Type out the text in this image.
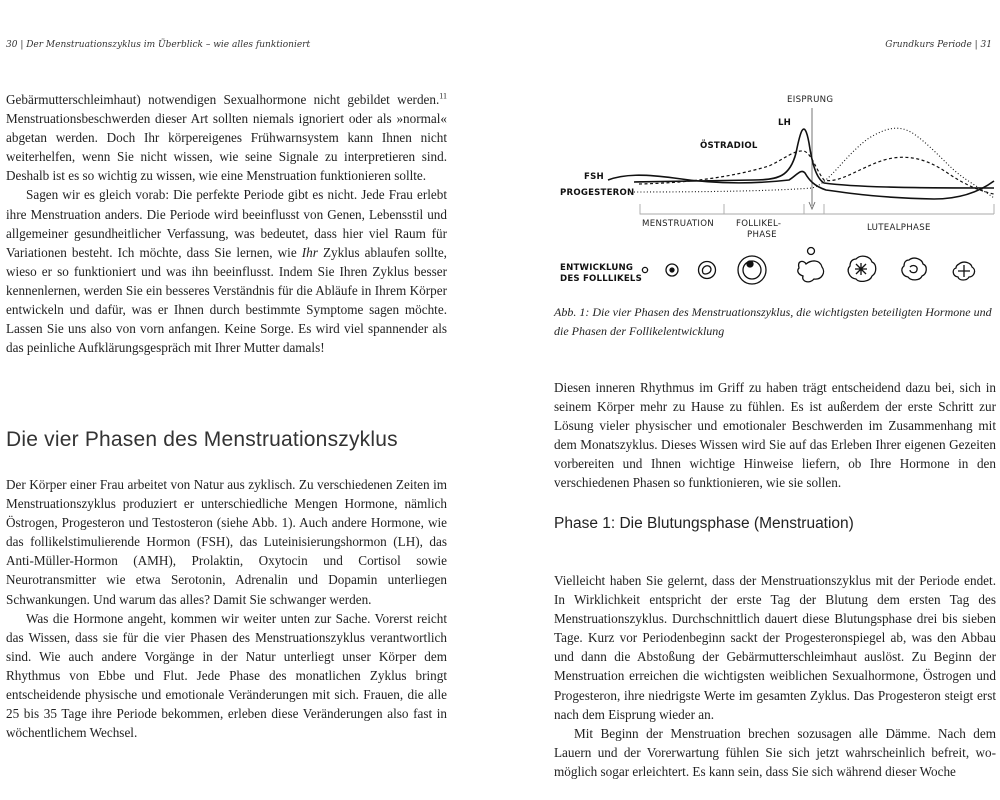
30 | Der Menstruationszyklus im Überblick – wie alles funktioniert

Gebärmutterschleimhaut) notwendigen Sexualhormone nicht gebildet werden.$^{11}$ Menstruationsbeschwerden dieser Art sollten niemals ignoriert oder als »normal« abgetan werden. Doch Ihr körpereigenes Frühwarnsystem kann Ihnen nicht weiterhelfen, wenn Sie nicht wissen, wie seine Signale zu interpretieren sind. Deshalb ist es so wichtig zu wissen, wie eine Menstruation funktionieren sollte.

Sagen wir es gleich vorab: Die perfekte Periode gibt es nicht. Jede Frau erlebt ihre Menstruation anders. Die Periode wird beeinflusst von Genen, Lebensstil und allgemeiner gesundheitlicher Verfassung, was bedeutet, dass hier viel Raum für Variationen besteht. Ich möchte, dass Sie lernen, wie Ihr Zyklus ablaufen sollte, wieso er so funktioniert und was ihn beeinflusst. Indem Sie Ihren Zyklus besser kennenlernen, werden Sie ein besseres Verständnis für die Abläufe in Ihrem Körper entwickeln und dafür, was er Ihnen durch bestimmte Symptome sagen möchte. Lassen Sie uns also von vorn anfangen. Keine Sorge. Es wird viel spannender als das peinliche Aufklärungsgespräch mit Ihrer Mutter damals!

Die vier Phasen des Menstruationszyklus

Der Körper einer Frau arbeitet von Natur aus zyklisch. Zu verschiedenen Zeiten im Menstruationszyklus produziert er unterschiedliche Mengen Hormone, nämlich Östrogen, Progesteron und Testosteron (siehe Abb. 1). Auch andere Hormone, wie das follikelstimulierende Hormon (FSH), das Luteinisierungshormon (LH), das Anti-Müller-Hormon (AMH), Prolaktin, Oxytocin und Cortisol sowie Neurotransmitter wie etwa Serotonin, Adrenalin und Dopamin unterliegen Schwankungen. Und warum das alles? Damit Sie schwanger werden.

Was die Hormone angeht, kommen wir weiter unten zur Sache. Vorerst reicht das Wissen, dass sie für die vier Phasen des Menstruationszyklus verantwortlich sind. Wie auch andere Vorgänge in der Natur unterliegt unser Körper dem Rhythmus von Ebbe und Flut. Jede Phase des monatlichen Zyklus bringt entscheidende physische und emotionale Veränderungen mit sich. Frauen, die alle 25 bis 35 Tage ihre Periode bekommen, erleben diese Veränderungen also fast in wöchentlichem Wechsel.

Grundkurs Periode | 31
EISPRUNG
LH
ÖSTRADIOL
FSH
PROGESTERON
MENSTRUATION	FOLLIKEL-
PHASE
LUTEALPHASE
ENTWICKLUNG
DES FOLLLIKELS
Abb. 1: Die vier Phasen des Menstruationszyklus, die wichtigsten beteiligten Hormone und die Phasen der Follikelentwicklung

Diesen inneren Rhythmus im Griff zu haben trägt entscheidend dazu bei, sich in seinem Körper mehr zu Hause zu fühlen. Es ist außerdem der erste Schritt zur Lösung vieler physischer und emotionaler Beschwerden im Zusammenhang mit dem Monatszyklus. Dieses Wissen wird Sie auf das Erleben Ihrer eigenen Gezeiten vorbereiten und Ihnen wichtige Hinweise liefern, ob Ihre Hormone in den verschiedenen Phasen so funktionieren, wie sie sollen.

Phase 1: Die Blutungsphase (Menstruation)

Vielleicht haben Sie gelernt, dass der Menstruationszyklus mit der Periode endet. In Wirklichkeit entspricht der erste Tag der Blutung dem ersten Tag des Menstruationszyklus. Durchschnittlich dauert diese Blutungsphase drei bis sieben Tage. Kurz vor Periodenbeginn sackt der Progesteronspiegel ab, was den Abbau und dann die Abstoßung der Gebärmutterschleimhaut auslöst. Zu Beginn der Menstruation erreichen die wichtigsten weiblichen Sexualhormone, Östrogen und Progesteron, ihre niedrigste Werte im gesamten Zyklus. Das Progesteron steigt erst nach dem Eisprung wieder an.

Mit Beginn der Menstruation brechen sozusagen alle Dämme. Nach dem Lauern und der Vorerwartung fühlen Sie sich jetzt wahrscheinlich befreit, womöglich sogar erleichtert. Es kann sein, dass Sie sich während dieser Woche
